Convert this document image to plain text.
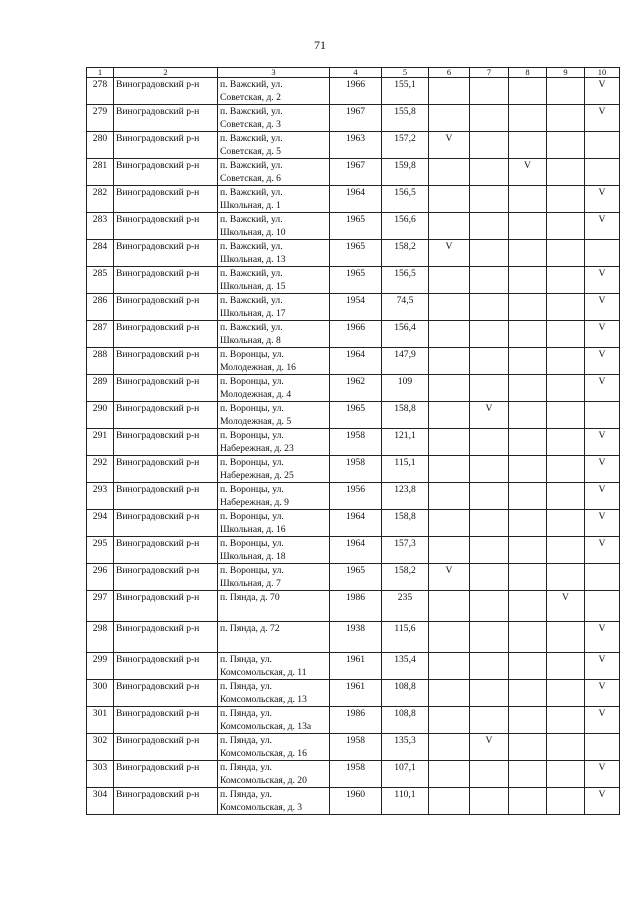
71
1	2	3	4	5	6	7	8	9	10
278	Виноградовский р-н	п. Важский, ул.
Советская, д. 2	1966	155,1					V
279	Виноградовский р-н	п. Важский, ул.
Советская, д. 3	1967	155,8					V
280	Виноградовский р-н	п. Важский, ул.
Советская, д. 5	1963	157,2	V				
281	Виноградовский р-н	п. Важский, ул.
Советская, д. 6	1967	159,8			V		
282	Виноградовский р-н	п. Важский, ул.
Школьная, д. 1	1964	156,5					V
283	Виноградовский р-н	п. Важский, ул.
Школьная, д. 10	1965	156,6					V
284	Виноградовский р-н	п. Важский, ул.
Школьная, д. 13	1965	158,2	V				
285	Виноградовский р-н	п. Важский, ул.
Школьная, д. 15	1965	156,5					V
286	Виноградовский р-н	п. Важский, ул.
Школьная, д. 17	1954	74,5					V
287	Виноградовский р-н	п. Важский, ул.
Школьная, д. 8	1966	156,4					V
288	Виноградовский р-н	п. Воронцы, ул.
Молодежная, д. 16	1964	147,9					V
289	Виноградовский р-н	п. Воронцы, ул.
Молодежная, д. 4	1962	109					V
290	Виноградовский р-н	п. Воронцы, ул.
Молодежная, д. 5	1965	158,8		V			
291	Виноградовский р-н	п. Воронцы, ул.
Набережная, д. 23	1958	121,1					V
292	Виноградовский р-н	п. Воронцы, ул.
Набережная, д. 25	1958	115,1					V
293	Виноградовский р-н	п. Воронцы, ул.
Набережная, д. 9	1956	123,8					V
294	Виноградовский р-н	п. Воронцы, ул.
Школьная, д. 16	1964	158,8					V
295	Виноградовский р-н	п. Воронцы, ул.
Школьная, д. 18	1964	157,3					V
296	Виноградовский р-н	п. Воронцы, ул.
Школьная, д. 7	1965	158,2	V				
297	Виноградовский р-н	п. Пянда, д. 70	1986	235				V	
298	Виноградовский р-н	п. Пянда, д. 72	1938	115,6					V
299	Виноградовский р-н	п. Пянда, ул.
Комсомольская, д. 11	1961	135,4					V
300	Виноградовский р-н	п. Пянда, ул.
Комсомольская, д. 13	1961	108,8					V
301	Виноградовский р-н	п. Пянда, ул.
Комсомольская, д. 13а	1986	108,8					V
302	Виноградовский р-н	п. Пянда, ул.
Комсомольская, д. 16	1958	135,3		V			
303	Виноградовский р-н	п. Пянда, ул.
Комсомольская, д. 20	1958	107,1					V
304	Виноградовский р-н	п. Пянда, ул.
Комсомольская, д. 3	1960	110,1					V
